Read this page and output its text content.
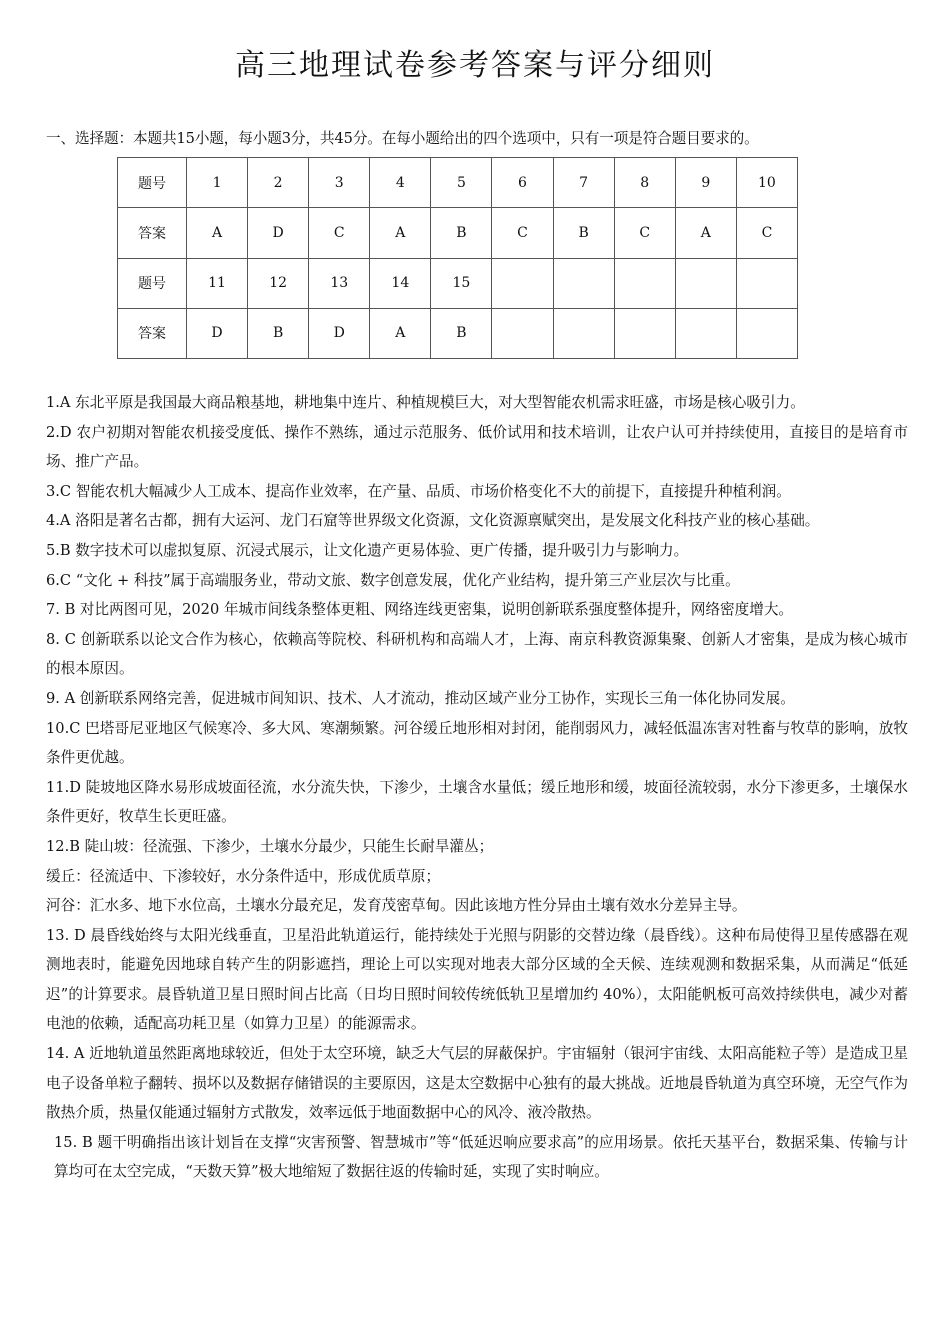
高三地理试卷参考答案与评分细则
一、选择题：本题共15小题，每小题3分，共45分。在每小题给出的四个选项中，只有一项是符合题目要求的。
题号	1	2	3	4	5	6	7	8	9	10
答案	A	D	C	A	B	C	B	C	A	C
题号	11	12	13	14	15					
答案	D	B	D	A	B					

1.A 东北平原是我国最大商品粮基地，耕地集中连片、种植规模巨大，对大型智能农机需求旺盛，市场是核心吸引力。

2.D 农户初期对智能农机接受度低、操作不熟练，通过示范服务、低价试用和技术培训，让农户认可并持续使用，直接目的是培育市场、推广产品。

3.C 智能农机大幅减少人工成本、提高作业效率，在产量、品质、市场价格变化不大的前提下，直接提升种植利润。

4.A 洛阳是著名古都，拥有大运河、龙门石窟等世界级文化资源，文化资源禀赋突出，是发展文化科技产业的核心基础。

5.B 数字技术可以虚拟复原、沉浸式展示，让文化遗产更易体验、更广传播，提升吸引力与影响力。

6.C “文化 + 科技”属于高端服务业，带动文旅、数字创意发展，优化产业结构，提升第三产业层次与比重。

7. B 对比两图可见，2020 年城市间线条整体更粗、网络连线更密集，说明创新联系强度整体提升，网络密度增大。

8. C 创新联系以论文合作为核心，依赖高等院校、科研机构和高端人才，上海、南京科教资源集聚、创新人才密集，是成为核心城市的根本原因。

9. A 创新联系网络完善，促进城市间知识、技术、人才流动，推动区域产业分工协作，实现长三角一体化协同发展。

10.C 巴塔哥尼亚地区气候寒冷、多大风、寒潮频繁。河谷缓丘地形相对封闭，能削弱风力，减轻低温冻害对牲畜与牧草的影响，放牧条件更优越。

11.D 陡坡地区降水易形成坡面径流，水分流失快，下渗少，土壤含水量低；缓丘地形和缓，坡面径流较弱，水分下渗更多，土壤保水条件更好，牧草生长更旺盛。

12.B 陡山坡：径流强、下渗少，土壤水分最少，只能生长耐旱灌丛；

缓丘：径流适中、下渗较好，水分条件适中，形成优质草原；

河谷：汇水多、地下水位高，土壤水分最充足，发育茂密草甸。因此该地方性分异由土壤有效水分差异主导。

13. D 晨昏线始终与太阳光线垂直，卫星沿此轨道运行，能持续处于光照与阴影的交替边缘（晨昏线）。这种布局使得卫星传感器在观测地表时，能避免因地球自转产生的阴影遮挡，理论上可以实现对地表大部分区域的全天候、连续观测和数据采集，从而满足“低延迟”的计算要求。晨昏轨道卫星日照时间占比高（日均日照时间较传统低轨卫星增加约 40%），太阳能帆板可高效持续供电，减少对蓄电池的依赖，适配高功耗卫星（如算力卫星）的能源需求。

14. A 近地轨道虽然距离地球较近，但处于太空环境，缺乏大气层的屏蔽保护。宇宙辐射（银河宇宙线、太阳高能粒子等）是造成卫星电子设备单粒子翻转、损坏以及数据存储错误的主要原因，这是太空数据中心独有的最大挑战。近地晨昏轨道为真空环境，无空气作为散热介质，热量仅能通过辐射方式散发，效率远低于地面数据中心的风冷、液冷散热。

15. B 题干明确指出该计划旨在支撑“灾害预警、智慧城市”等“低延迟响应要求高”的应用场景。依托天基平台，数据采集、传输与计算均可在太空完成，“天数天算”极大地缩短了数据往返的传输时延，实现了实时响应。
